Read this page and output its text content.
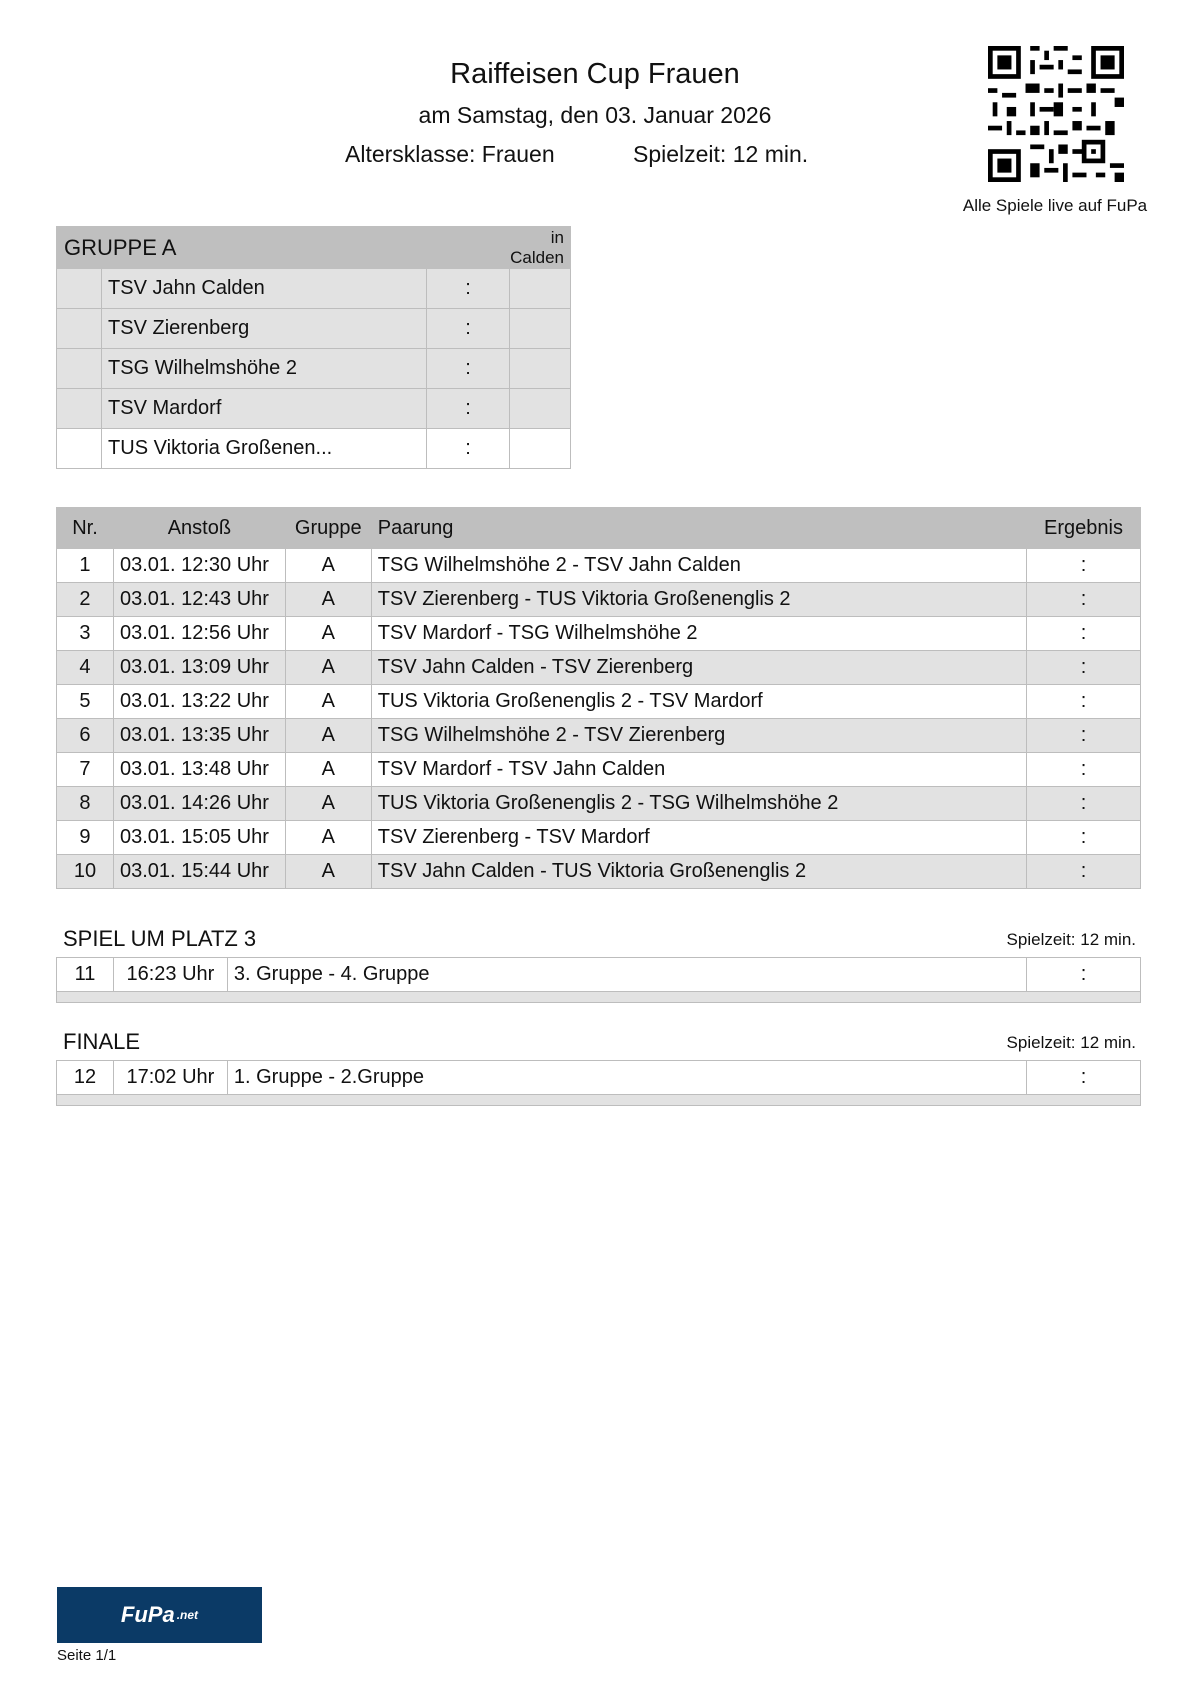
Raiffeisen Cup Frauen
am Samstag, den 03. Januar 2026
Altersklasse: Frauen	Spielzeit: 12 min.
Alle Spiele live auf FuPa
GRUPPE A			in Calden
	TSV Jahn Calden	:	
	TSV Zierenberg	:	
	TSG Wilhelmshöhe 2	:	
	TSV Mardorf	:	
	TUS Viktoria Großenen...	:	
Nr.	Anstoß	Gruppe	Paarung	Ergebnis
1	03.01. 12:30 Uhr	A	TSG Wilhelmshöhe 2 - TSV Jahn Calden	:
2	03.01. 12:43 Uhr	A	TSV Zierenberg - TUS Viktoria Großenenglis 2	:
3	03.01. 12:56 Uhr	A	TSV Mardorf - TSG Wilhelmshöhe 2	:
4	03.01. 13:09 Uhr	A	TSV Jahn Calden - TSV Zierenberg	:
5	03.01. 13:22 Uhr	A	TUS Viktoria Großenenglis 2 - TSV Mardorf	:
6	03.01. 13:35 Uhr	A	TSG Wilhelmshöhe 2 - TSV Zierenberg	:
7	03.01. 13:48 Uhr	A	TSV Mardorf - TSV Jahn Calden	:
8	03.01. 14:26 Uhr	A	TUS Viktoria Großenenglis 2 - TSG Wilhelmshöhe 2	:
9	03.01. 15:05 Uhr	A	TSV Zierenberg - TSV Mardorf	:
10	03.01. 15:44 Uhr	A	TSV Jahn Calden - TUS Viktoria Großenenglis 2	:
SPIEL UM PLATZ 3	Spielzeit: 12 min.
11	16:23 Uhr	3. Gruppe - 4. Gruppe	:

FINALE	Spielzeit: 12 min.
12	17:02 Uhr	1. Gruppe - 2.Gruppe	:

FuPa .net
Seite 1/1
